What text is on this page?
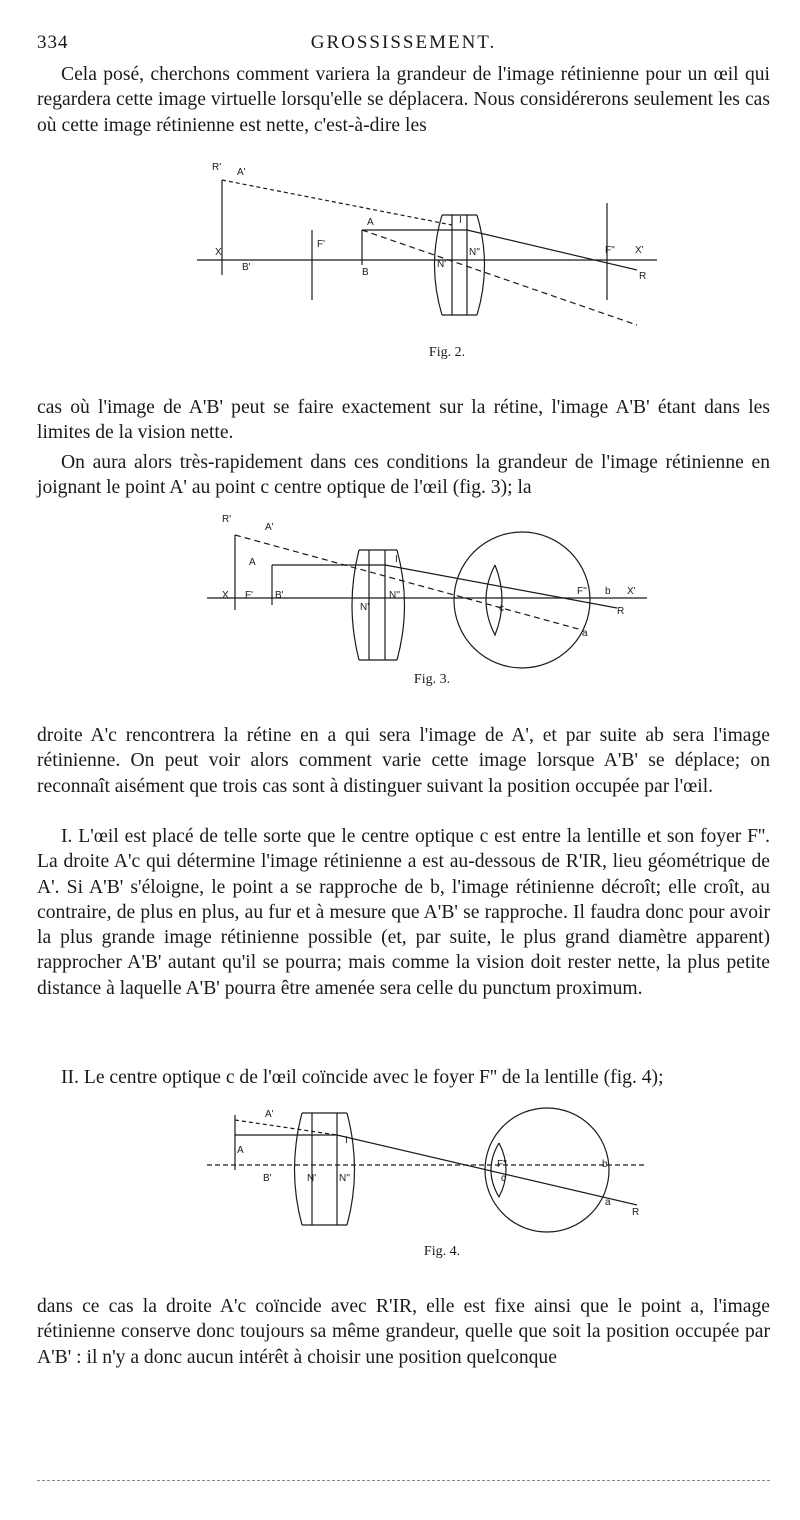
334	GROSSISSEMENT.

Cela posé, cherchons comment variera la grandeur de l'image rétinienne pour un œil qui regardera cette image virtuelle lorsqu'elle se déplacera. Nous considérerons seulement les cas où cette image rétinienne est nette, c'est-à-dire les

R' A'
X
B'
F'
A
B
N'
N''
I
F'' X'
R
Fig. 2.

cas où l'image de A'B' peut se faire exactement sur la rétine, l'image A'B' étant dans les limites de la vision nette.

On aura alors très-rapidement dans ces conditions la grandeur de l'image rétinienne en joignant le point A' au point c centre optique de l'œil (fig. 3); la

R'
A'
A
X F' B'
N'
N''
I
c
F'' b X'
R
a
Fig. 3.

droite A'c rencontrera la rétine en a qui sera l'image de A', et par suite ab sera l'image rétinienne. On peut voir alors comment varie cette image lorsque A'B' se déplace; on reconnaît aisément que trois cas sont à distinguer suivant la position occupée par l'œil.

I. L'œil est placé de telle sorte que le centre optique c est entre la lentille et son foyer F''. La droite A'c qui détermine l'image rétinienne a est au-dessous de R'IR, lieu géométrique de A'. Si A'B' s'éloigne, le point a se rapproche de b, l'image rétinienne décroît; elle croît, au contraire, de plus en plus, au fur et à mesure que A'B' se rapproche. Il faudra donc pour avoir la plus grande image rétinienne possible (et, par suite, le plus grand diamètre apparent) rapprocher A'B' autant qu'il se pourra; mais comme la vision doit rester nette, la plus petite distance à laquelle A'B' pourra être amenée sera celle du punctum proximum.

II. Le centre optique c de l'œil coïncide avec le foyer F'' de la lentille (fig. 4);

A'
A
B'	N' N''
I
F''
c
b
a
R
Fig. 4.

dans ce cas la droite A'c coïncide avec R'IR, elle est fixe ainsi que le point a, l'image rétinienne conserve donc toujours sa même grandeur, quelle que soit la position occupée par A'B' : il n'y a donc aucun intérêt à choisir une position quelconque
